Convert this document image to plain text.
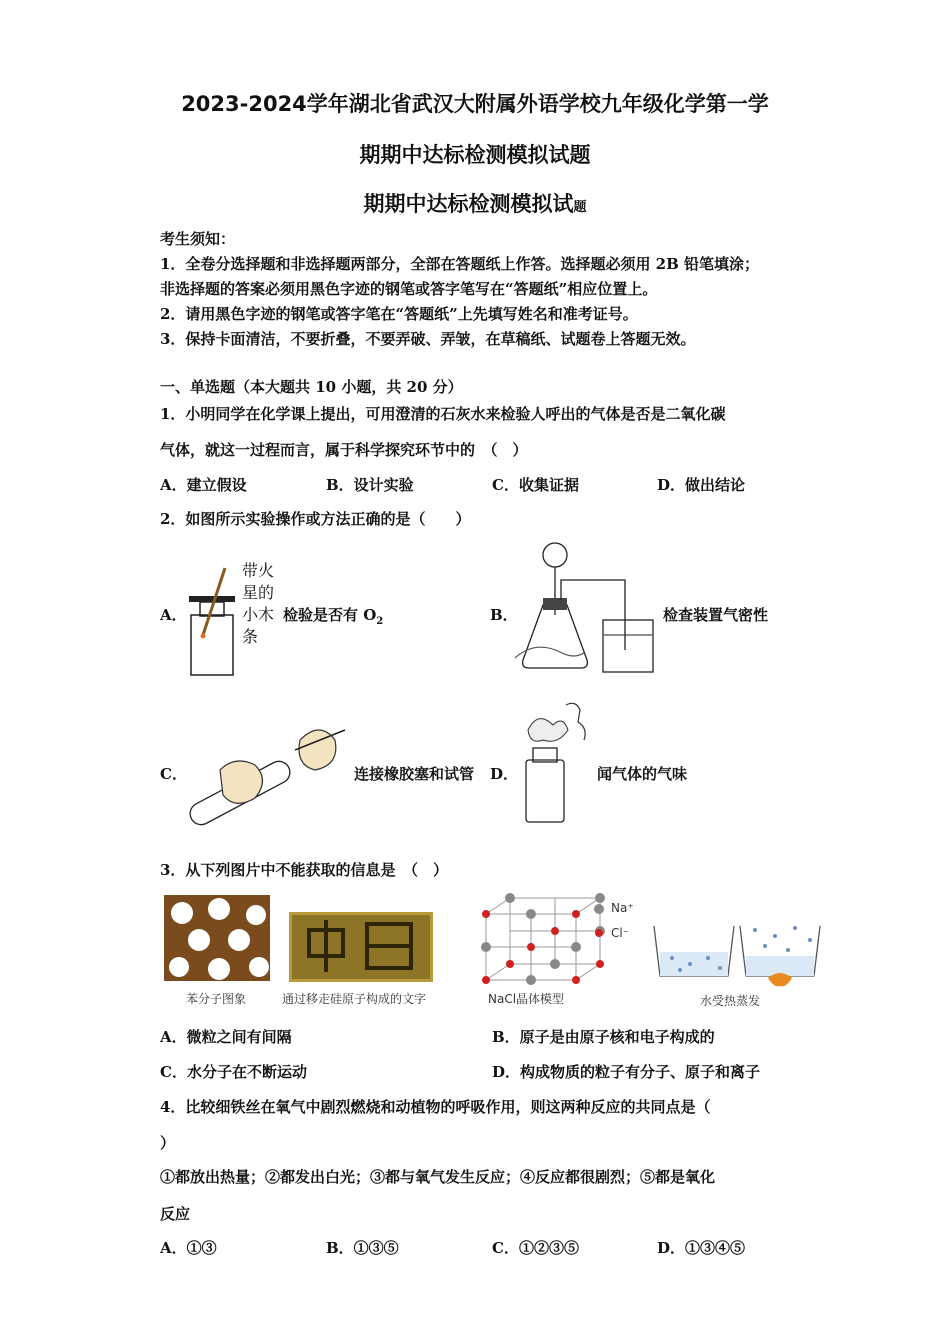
2023-2024学年湖北省武汉大附属外语学校九年级化学第一学
期期中达标检测模拟试题
期期中达标检测模拟试题
考生须知：
1．全卷分选择题和非选择题两部分，全部在答题纸上作答。选择题必须用 2B 铅笔填涂；
非选择题的答案必须用黑色字迹的钢笔或答字笔写在“答题纸”相应位置上。
2．请用黑色字迹的钢笔或答字笔在“答题纸”上先填写姓名和准考证号。
3．保持卡面清洁，不要折叠，不要弄破、弄皱，在草稿纸、试题卷上答题无效。
一、单选题（本大题共 10 小题，共 20 分）
1．小明同学在化学课上提出，可用澄清的石灰水来检验人呼出的气体是否是二氧化碳
气体，就这一过程而言，属于科学探究环节中的　（　）
A．建立假设	B．设计实验	C．收集证据	D．做出结论
2．如图所示实验操作或方法正确的是（　　）
A．
带火
星的
小木
条
检验是否有 $O_2$	B．	检查装置气密性
C．	连接橡胶塞和试管 D．	闻气体的气味
3．从下列图片中不能获取的信息是　（　）
苯分子图象	通过移走硅原子构成的文字
Na⁺
Cl⁻
NaCl晶体模型	水受热蒸发
A．微粒之间有间隔	B．原子是由原子核和电子构成的
C．水分子在不断运动	D．构成物质的粒子有分子、原子和离子
4．比较细铁丝在氧气中剧烈燃烧和动植物的呼吸作用，则这两种反应的共同点是（
）
①都放出热量；②都发出白光；③都与氧气发生反应；④反应都很剧烈；⑤都是氧化
反应
A．①③	B．①③⑤	C．①②③⑤	D．①③④⑤
